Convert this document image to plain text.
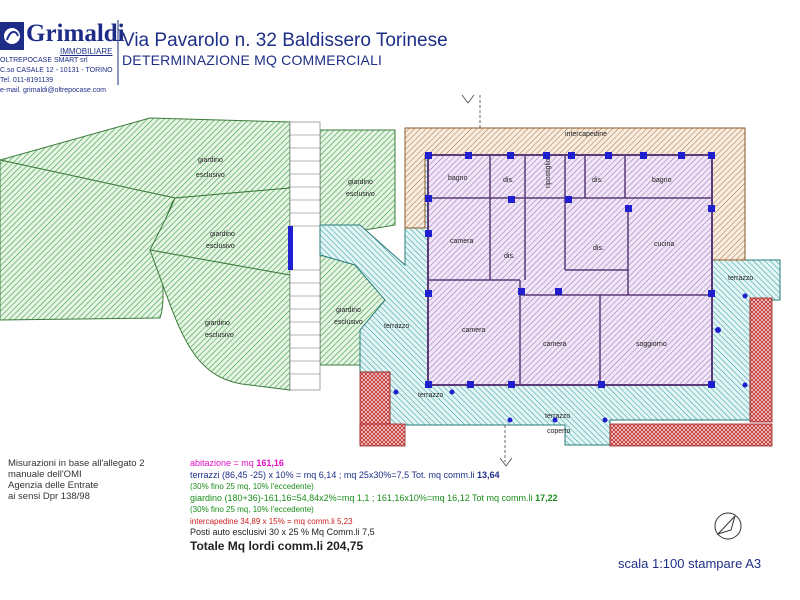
bagno	dis.	ripostiglio	dis.	bagno
camera
dis.
dis.
cucina
camera
camera	soggiorno
intercapedine
terrazzo
terrazzo
terrazzo
terrazzo
coperto
giardino
esclusivo
giardino
esclusivo
giardino
esclusivo
giardino
esclusivo
giardino
esclusivo
Grimaldi
IMMOBILIARE
OLTREPOCASE SMART srl
C.so CASALE 12 - 10131 - TORINO
Tel. 011-8191139
e-mail. grimaldi@oltrepocase.com
Via Pavarolo n. 32 Baldissero Torinese
DETERMINAZIONE MQ COMMERCIALI
Misurazioni in base all'allegato 2
manuale dell'OMI
Agenzia delle Entrate
ai sensi Dpr 138/98
abitazione = mq 161,16
terrazzi (86,45 -25) x 10% = mq 6,14 ; mq 25x30%=7,5 Tot. mq comm.li 13,64
(30% fino 25 mq, 10% l'eccedente)
giardino (180+36)-161,16=54,84x2%=mq 1,1 ; 161,16x10%=mq 16,12 Tot mq comm.li 17,22
(30% fino 25 mq, 10% l'eccedente)
intercapedine 34,89 x 15% = mq comm.li 5,23
Posti auto esclusivi 30 x 25 % Mq Comm.li 7,5
Totale Mq lordi comm.li 204,75
scala 1:100 stampare A3
